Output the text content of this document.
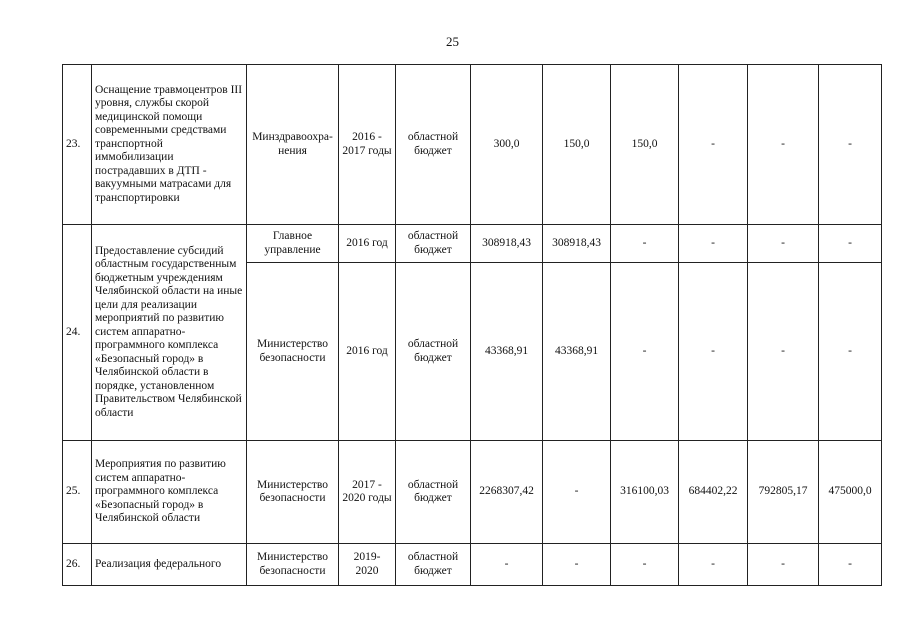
25
23.	Оснащение травмоцентров III уровня, службы скорой медицинской помощи современными средствами транспортной иммобилизации пострадавших в ДТП - вакуумными матрасами для транспортировки	Минздравоохра-нения	2016 - 2017 годы	областной бюджет	300,0	150,0	150,0	-	-	-
24.	Предоставление субсидий областным государственным бюджетным учреждениям Челябинской области на иные цели для реализации мероприятий по развитию систем аппаратно-программного комплекса «Безопасный город» в Челябинской области в порядке, установленном Правительством Челябинской области	Главное управление	2016 год	областной бюджет	308918,43	308918,43	-	-	-	-
		Министерство безопасности	2016 год	областной бюджет	43368,91	43368,91	-	-	-	-
25.	Мероприятия по развитию систем аппаратно-программного комплекса «Безопасный город» в Челябинской области	Министерство безопасности	2017 - 2020 годы	областной бюджет	2268307,42	-	316100,03	684402,22	792805,17	475000,0
26.	Реализация федерального	Министерство безопасности	2019- 2020	областной бюджет	-	-	-	-	-	-
